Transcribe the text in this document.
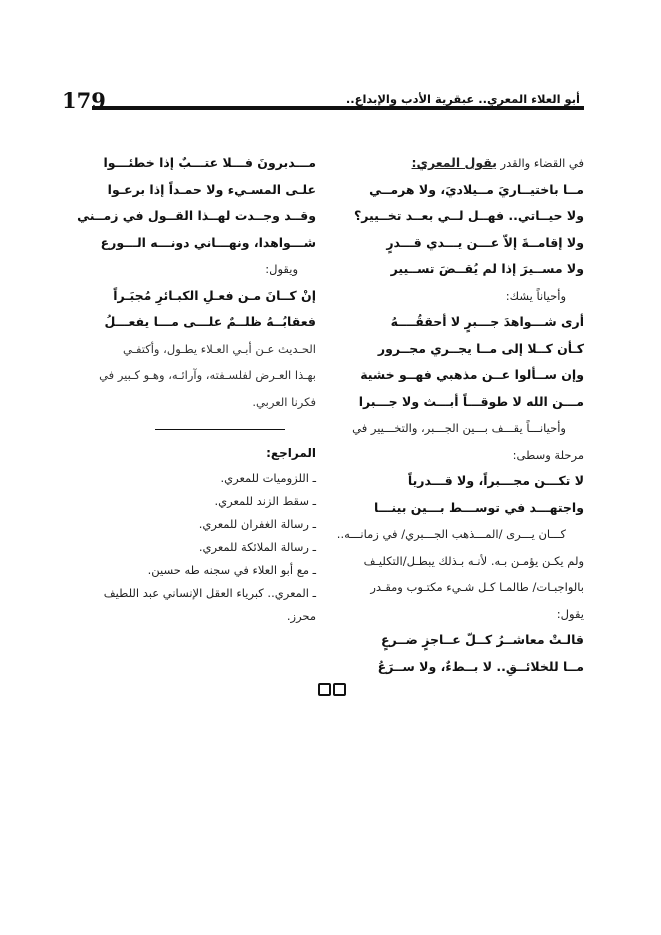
179	أبو العلاء المعري.. عبقرية الأدب والإبداع..
في القضاء والقدر يقول المعري:
مــا باختيــاريَ مــيلاديَ، ولا هرمــي
ولا حيــاتي.. فهــل لــي بعــد تخــيير؟
ولا إقامــةَ إلاّ عـــن يـــدي قـــدرٍ
ولا مســيرَ إذا لم يُقــضَ تســيير
وأحياناً يشك:
أرى شـــواهدَ جـــبرٍ لا أحققُــــهُ
كـأن كــلا إلى مــا يجــري مجــرور
وإن ســألوا عــن مذهبي فهــو خشية
مـــن الله لا طوقـــاً أبـــث ولا جـــبرا
وأحيانـــاً يقـــف بـــين الجـــبر، والتخـــيير في
مرحلة وسطى:
لا تكـــن مجـــبراً، ولا قـــدرياً
واجتهـــد في توســـط بـــين بينـــا
كـــان يـــرى /المـــذهب الجـــبري/ في زمانـــه..
ولم يكـن يؤمـن بـه. لأنـه بـذلك يبطـل/التكليـف
بالواجبـات/ طالمـا كـل شـيء مكتـوب ومقـدر
يقول:
قالـتْ معاشــرُ كــلّ عــاجزٍ ضــرعٍ
مــا للخلائــقِ.. لا بــطءٌ، ولا ســرَعُ
مـــدبرونَ فـــلا عتـــبٌ إذا خطئـــوا
علـى المسـيء ولا حمـداً إذا برعـوا
وقــد وجــدت لهــذا القــول في زمــني
شـــواهدا، ونهـــاني دونـــه الـــورع
ويقول:
إنْ كــانَ مـن فعـلِ الكبـائرِ مُجبَـراً
فعقابُــهُ ظلــمٌ علـــى مـــا يفعـــلُ
الحـديث عـن أبـي العـلاء يطـول، وأكتفـي
بهـذا العـرض لفلسـفته، وآرائـه، وهـو كـبير في
فكرنا العربي.
المراجع:
ـ اللزوميات للمعري.
ـ سقط الزند للمعري.
ـ رسالة الغفران للمعري.
ـ رسالة الملائكة للمعري.
ـ مع أبو العلاء في سجنه طه حسين.
ـ المعري.. كبرياء العقل الإنساني عبد اللطيف
محرز.
